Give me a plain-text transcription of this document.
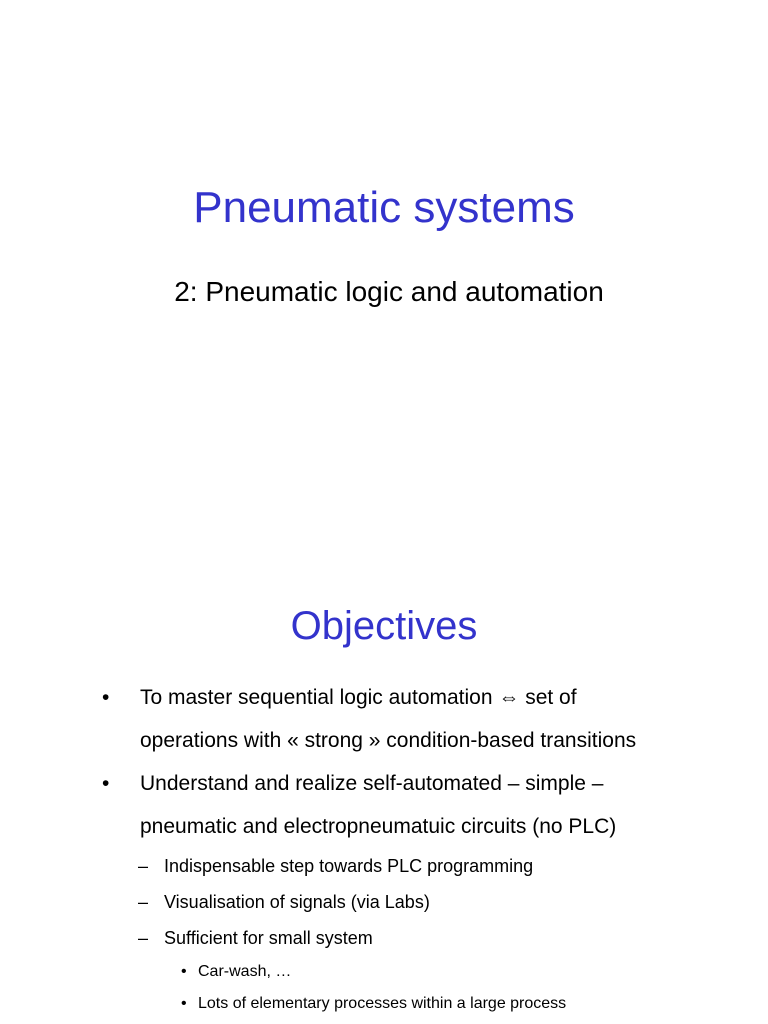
Pneumatic systems
2: Pneumatic logic and automation
Objectives
• To master sequential logic automation ⇔ set of
operations with « strong » condition-based transitions
• Understand and realize self-automated – simple –
pneumatic and electropneumatuic circuits (no PLC)
– Indispensable step towards PLC programming
– Visualisation of signals (via Labs)
– Sufficient for small system
• Car-wash, …
• Lots of elementary processes within a large process
